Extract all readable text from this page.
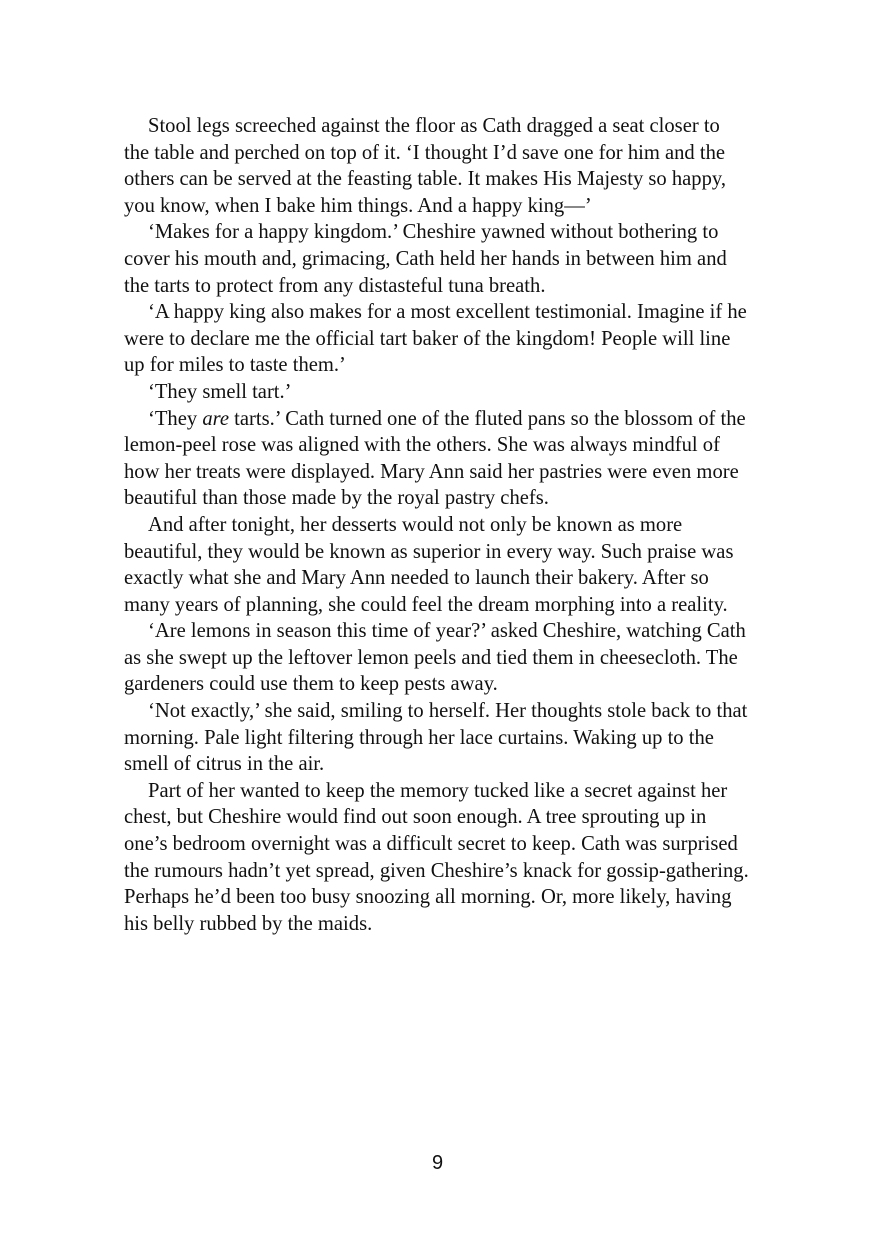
Stool legs screeched against the floor as Cath dragged a seat closer to the table and perched on top of it. ‘I thought I’d save one for him and the others can be served at the feasting table. It makes His Majesty so happy, you know, when I bake him things. And a happy king—’

‘Makes for a happy kingdom.’ Cheshire yawned without bothering to cover his mouth and, grimacing, Cath held her hands in between him and the tarts to protect from any distasteful tuna breath.

‘A happy king also makes for a most excellent testimonial. Imagine if he were to declare me the official tart baker of the kingdom! People will line up for miles to taste them.’

‘They smell tart.’

‘They are tarts.’ Cath turned one of the fluted pans so the blossom of the lemon-peel rose was aligned with the others. She was always mindful of how her treats were displayed. Mary Ann said her pastries were even more beautiful than those made by the royal pastry chefs.

And after tonight, her desserts would not only be known as more beautiful, they would be known as superior in every way. Such praise was exactly what she and Mary Ann needed to launch their bakery. After so many years of planning, she could feel the dream morphing into a reality.

‘Are lemons in season this time of year?’ asked Cheshire, watching Cath as she swept up the leftover lemon peels and tied them in cheesecloth. The gardeners could use them to keep pests away.

‘Not exactly,’ she said, smiling to herself. Her thoughts stole back to that morning. Pale light filtering through her lace curtains. Waking up to the smell of citrus in the air.

Part of her wanted to keep the memory tucked like a secret against her chest, but Cheshire would find out soon enough. A tree sprouting up in one’s bedroom overnight was a difficult secret to keep. Cath was surprised the rumours hadn’t yet spread, given Cheshire’s knack for gossip-gathering. Perhaps he’d been too busy snoozing all morning. Or, more likely, having his belly rubbed by the maids.

9
